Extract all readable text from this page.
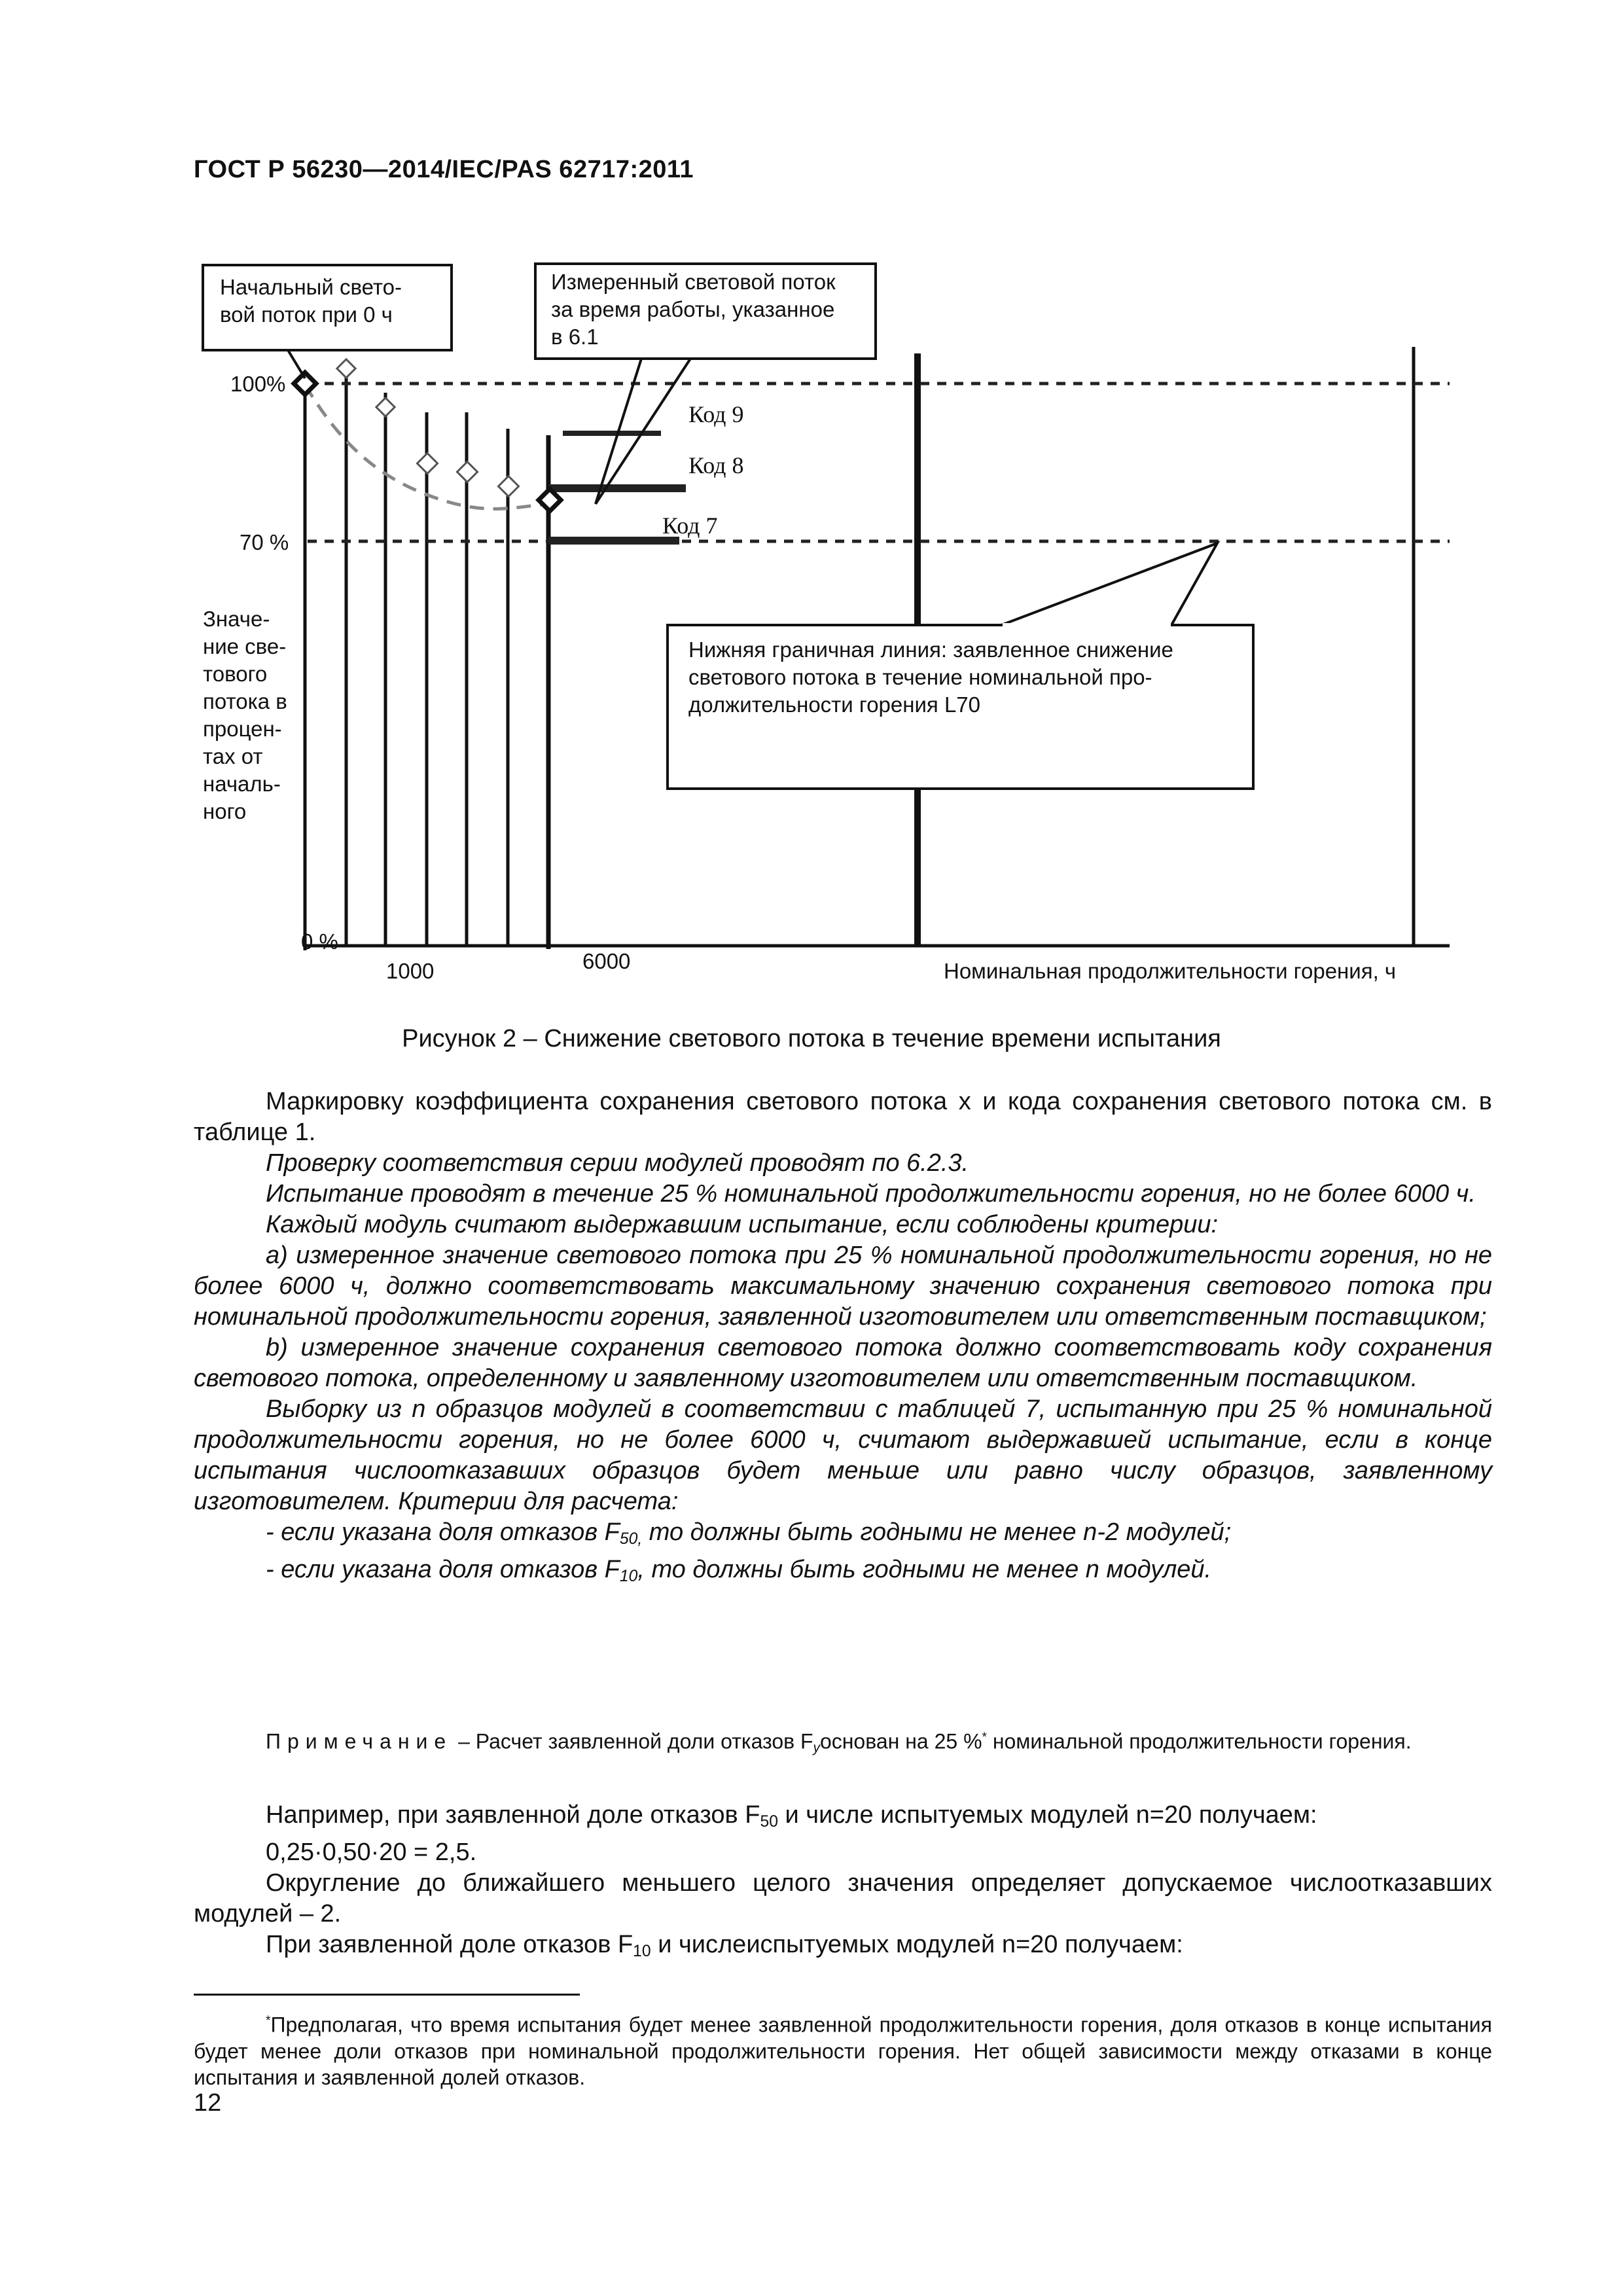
ГОСТ Р 56230—2014/IEC/PAS 62717:2011
Начальный свето-
вой поток при 0 ч
Измеренный световой поток
за время работы, указанное
в 6.1
Нижняя граничная линия: заявленное снижение
светового потока в течение номинальной про-
должительности горения L70
100%
70 %
0 %
Значе-
ние све-
тового
потока в
процен-
тах от
началь-
ного
1000	6000	Номинальная продолжительности горения, ч
Код 9
Код 8
Код 7
Рисунок 2 – Снижение светового потока в течение времени испытания

Маркировку коэффициента сохранения светового потока x и кода сохранения светового потока см. в таблице 1.

Проверку соответствия серии модулей проводят по 6.2.3.

Испытание проводят в течение 25 % номинальной продолжительности горения, но не более 6000 ч.

Каждый модуль считают выдержавшим испытание, если соблюдены критерии:

a) измеренное значение светового потока при 25 % номинальной продолжительности горения, но не более 6000 ч, должно соответствовать максимальному значению сохранения светового потока при номинальной продолжительности горения, заявленной изготовителем или ответственным поставщиком;

b) измеренное значение сохранения светового потока должно соответствовать коду сохранения светового потока, определенному и заявленному изготовителем или ответственным поставщиком.

Выборку из n образцов модулей в соответствии с таблицей 7, испытанную при 25 % номинальной продолжительности горения, но не более 6000 ч, считают выдержавшей испытание, если в конце испытания числоотказавших образцов будет меньше или равно числу образцов, заявленному изготовителем. Критерии для расчета:

- если указана доля отказов $F_{50,}$ то должны быть годными не менее n-2 модулей;

- если указана доля отказов $F_{10}$, то должны быть годными не менее n модулей.

Примечание – Расчет заявленной доли отказов $F_yоснован$ на 25 %* номинальной продолжительности горения.

Например, при заявленной доле отказов $F_{50}$ и числе испытуемых модулей n=20 получаем:

0,25·0,50·20 = 2,5.

Округление до ближайшего меньшего целого значения определяет допускаемое числоотказавших модулей – 2.

При заявленной доле отказов $F_{10}$ и числеиспытуемых модулей n=20 получаем:

*Предполагая, что время испытания будет менее заявленной продолжительности горения, доля отказов в конце испытания будет менее доли отказов при номинальной продолжительности горения. Нет общей зависимости между отказами в конце испытания и заявленной долей отказов.
12
